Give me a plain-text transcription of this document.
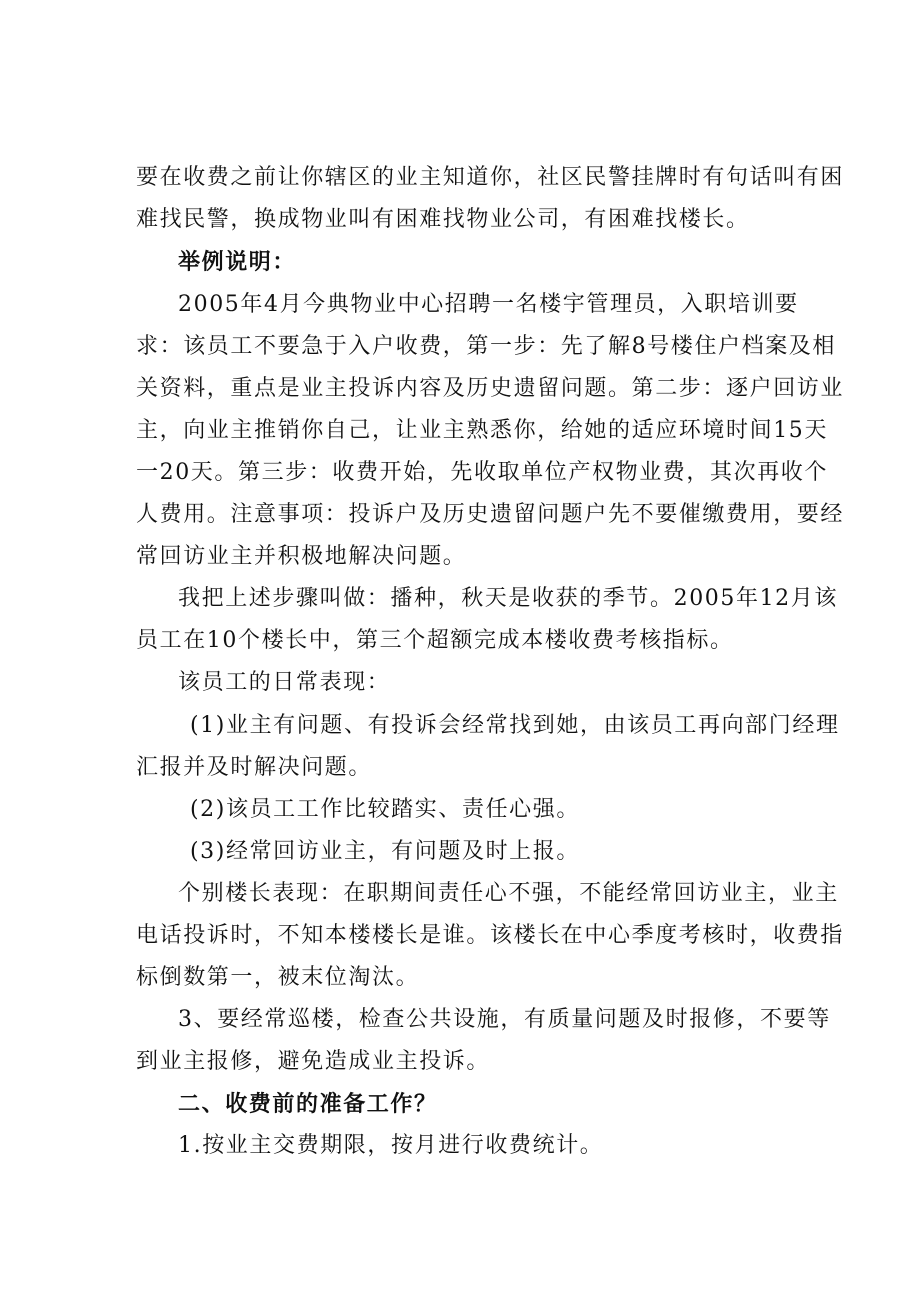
要在收费之前让你辖区的业主知道你，社区民警挂牌时有句话叫有困
难找民警，换成物业叫有困难找物业公司，有困难找楼长。
举例说明：
2005年4月今典物业中心招聘一名楼宇管理员，入职培训要
求：该员工不要急于入户收费，第一步：先了解8号楼住户档案及相
关资料，重点是业主投诉内容及历史遗留问题。第二步：逐户回访业
主，向业主推销你自己，让业主熟悉你，给她的适应环境时间15天
一20天。第三步：收费开始，先收取单位产权物业费，其次再收个
人费用。注意事项：投诉户及历史遗留问题户先不要催缴费用，要经
常回访业主并积极地解决问题。
我把上述步骤叫做：播种，秋天是收获的季节。2005年12月该
员工在10个楼长中，第三个超额完成本楼收费考核指标。
该员工的日常表现：
(1)业主有问题、有投诉会经常找到她，由该员工再向部门经理
汇报并及时解决问题。
(2)该员工工作比较踏实、责任心强。
(3)经常回访业主，有问题及时上报。
个别楼长表现：在职期间责任心不强，不能经常回访业主，业主
电话投诉时，不知本楼楼长是谁。该楼长在中心季度考核时，收费指
标倒数第一，被末位淘汰。
3、要经常巡楼，检查公共设施，有质量问题及时报修，不要等
到业主报修，避免造成业主投诉。
二、收费前的准备工作？
1.按业主交费期限，按月进行收费统计。
